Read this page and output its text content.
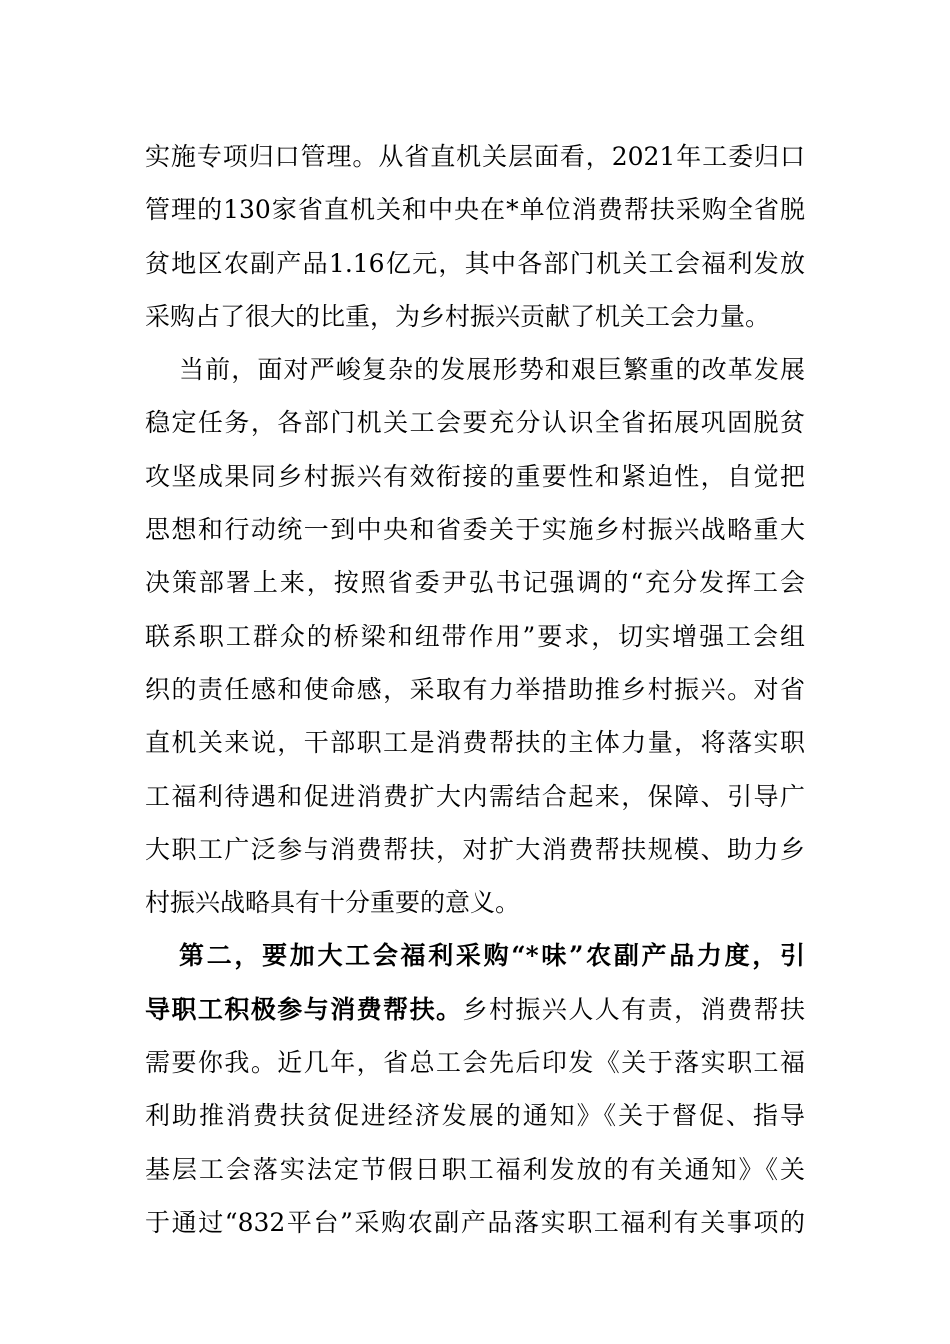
实施专项归口管理。从省直机关层面看，2021年工委归口
管理的130家省直机关和中央在*单位消费帮扶采购全省脱
贫地区农副产品1.16亿元，其中各部门机关工会福利发放
采购占了很大的比重，为乡村振兴贡献了机关工会力量。
当前，面对严峻复杂的发展形势和艰巨繁重的改革发展
稳定任务，各部门机关工会要充分认识全省拓展巩固脱贫
攻坚成果同乡村振兴有效衔接的重要性和紧迫性，自觉把
思想和行动统一到中央和省委关于实施乡村振兴战略重大
决策部署上来，按照省委尹弘书记强调的“充分发挥工会
联系职工群众的桥梁和纽带作用”要求，切实增强工会组
织的责任感和使命感，采取有力举措助推乡村振兴。对省
直机关来说，干部职工是消费帮扶的主体力量，将落实职
工福利待遇和促进消费扩大内需结合起来，保障、引导广
大职工广泛参与消费帮扶，对扩大消费帮扶规模、助力乡
村振兴战略具有十分重要的意义。
第二，要加大工会福利采购“*味”农副产品力度，引
导职工积极参与消费帮扶。乡村振兴人人有责，消费帮扶
需要你我。近几年，省总工会先后印发《关于落实职工福
利助推消费扶贫促进经济发展的通知》《关于督促、指导
基层工会落实法定节假日职工福利发放的有关通知》《关
于通过“832平台”采购农副产品落实职工福利有关事项的
